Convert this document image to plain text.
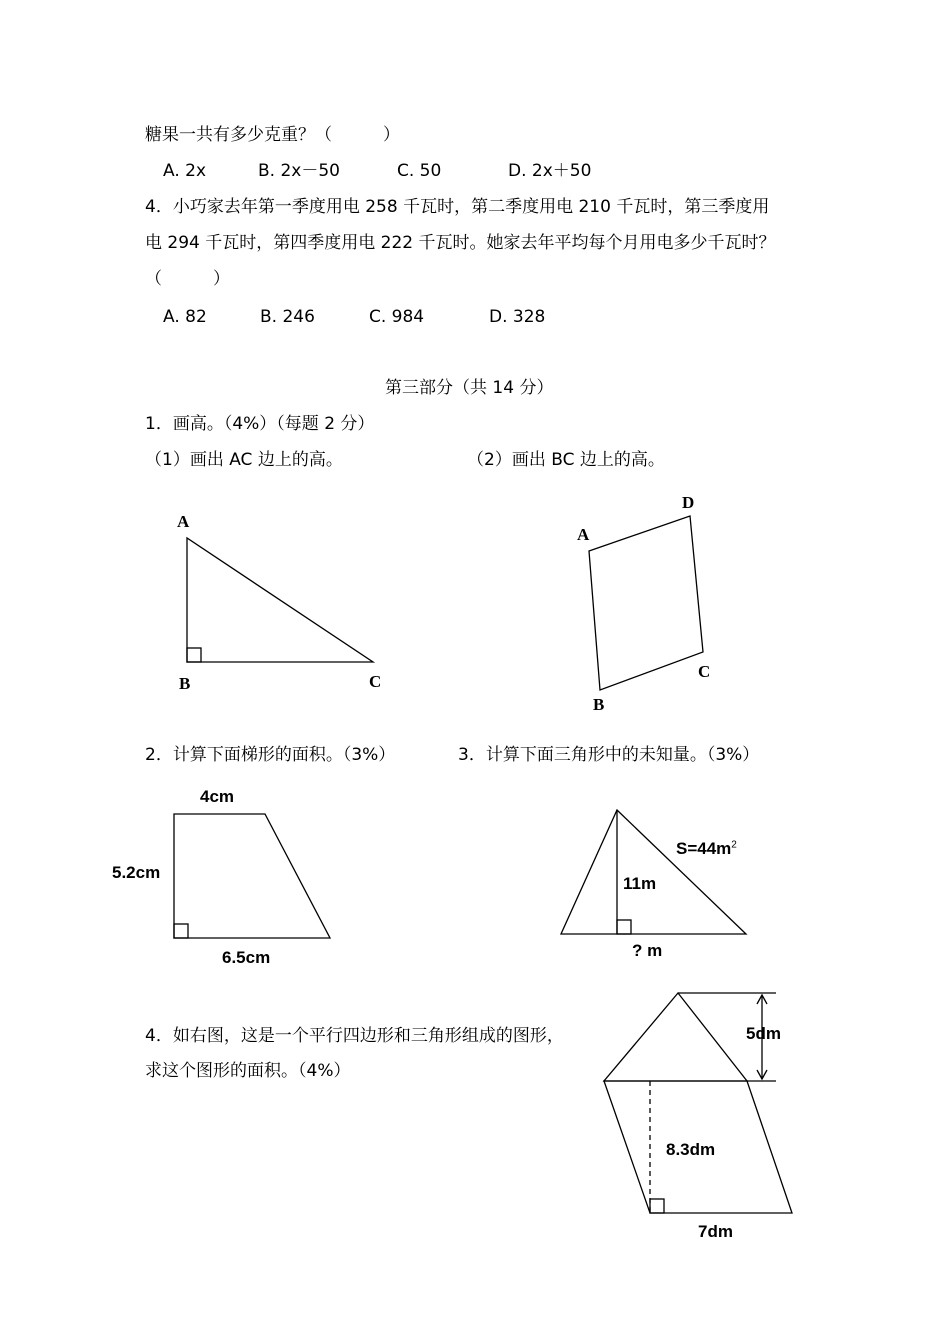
糖果一共有多少克重？（　　　）
A. 2x	B. 2x－50	C. 50	D. 2x＋50
4．小巧家去年第一季度用电 258 千瓦时，第二季度用电 210 千瓦时，第三季度用
电 294 千瓦时，第四季度用电 222 千瓦时。她家去年平均每个月用电多少千瓦时？
（　　　）
A. 82	B. 246	C. 984	D. 328
第三部分（共 14 分）
1．画高。（4%）（每题 2 分）
（1）画出 AC 边上的高。	（2）画出 BC 边上的高。
A
B	C
A
B
C
D
2．计算下面梯形的面积。（3%）	3．计算下面三角形中的未知量。（3%）
4cm
5.2cm
6.5cm
$S=44m^2$
11m
? m
4．如右图，这是一个平行四边形和三角形组成的图形，
求这个图形的面积。（4%）
5dm
8.3dm
7dm
